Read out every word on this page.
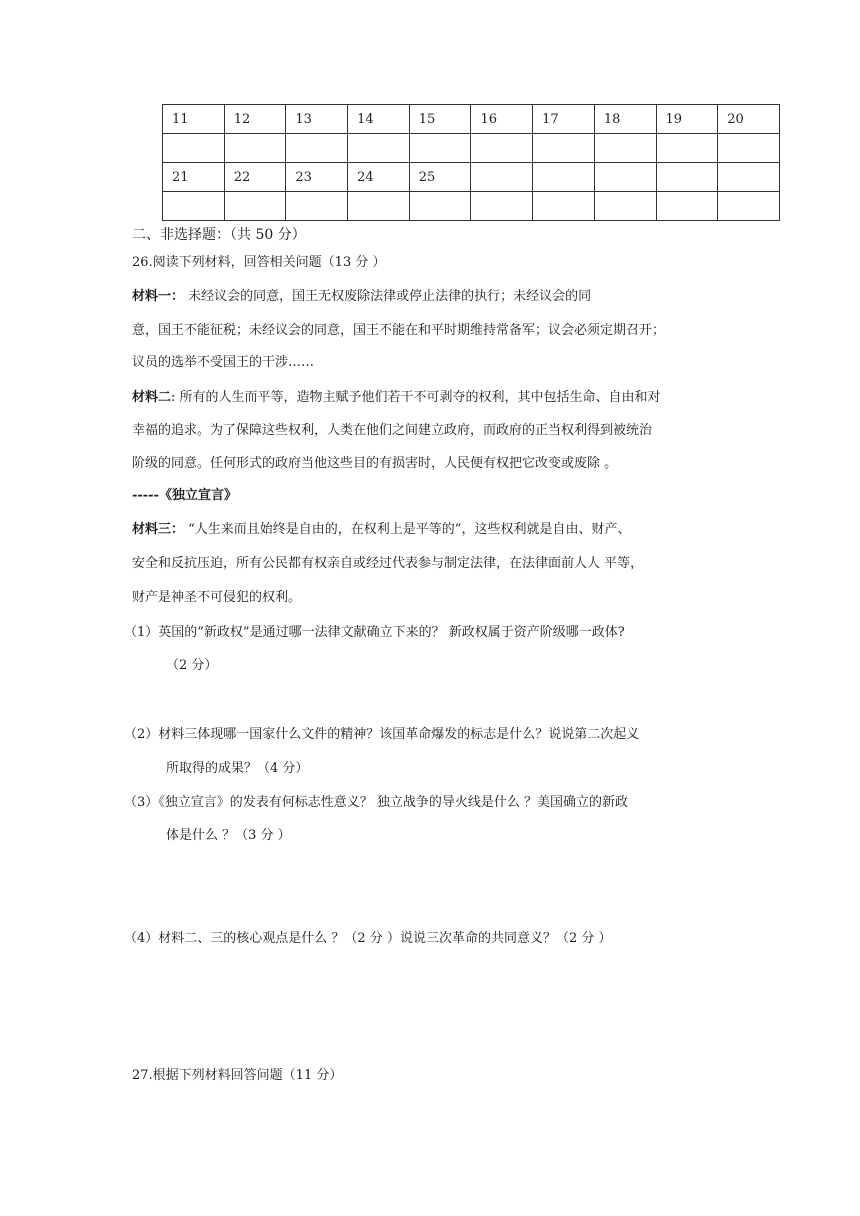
11	12	13	14	15	16	17	18	19	20

21	22	23	24	25					

二、非选择题：（共 50 分）
26.阅读下列材料，回答相关问题（13 分 ）
材料一： 未经议会的同意，国王无权废除法律或停止法律的执行；未经议会的同
意，国王不能征税；未经议会的同意，国王不能在和平时期维持常备军；议会必须定期召开；
议员的选举不受国王的干涉……
材料二: 所有的人生而平等，造物主赋予他们若干不可剥夺的权利，其中包括生命、自由和对
幸福的追求。为了保障这些权利，人类在他们之间建立政府，而政府的正当权利得到被统治
阶级的同意。任何形式的政府当他这些目的有损害时，人民便有权把它改变或废除 。
-----《独立宣言》
材料三： “人生来而且始终是自由的，在权利上是平等的”，这些权利就是自由、财产、
安全和反抗压迫，所有公民都有权亲自或经过代表参与制定法律，在法律面前人人 平等，
财产是神圣不可侵犯的权利。
（1）英国的”新政权”是通过哪一法律文献确立下来的？ 新政权属于资产阶级哪一政体?
（2 分）
（2）材料三体现哪一国家什么文件的精神？该国革命爆发的标志是什么？说说第二次起义
所取得的成果？（4 分）
（3）《独立宣言》的发表有何标志性意义？ 独立战争的导火线是什么 ？美国确立的新政
体是什么 ？（3 分 ）
（4）材料二、三的核心观点是什么 ？（2 分 ）说说三次革命的共同意义？（2 分 ）
27.根据下列材料回答问题（11 分）
